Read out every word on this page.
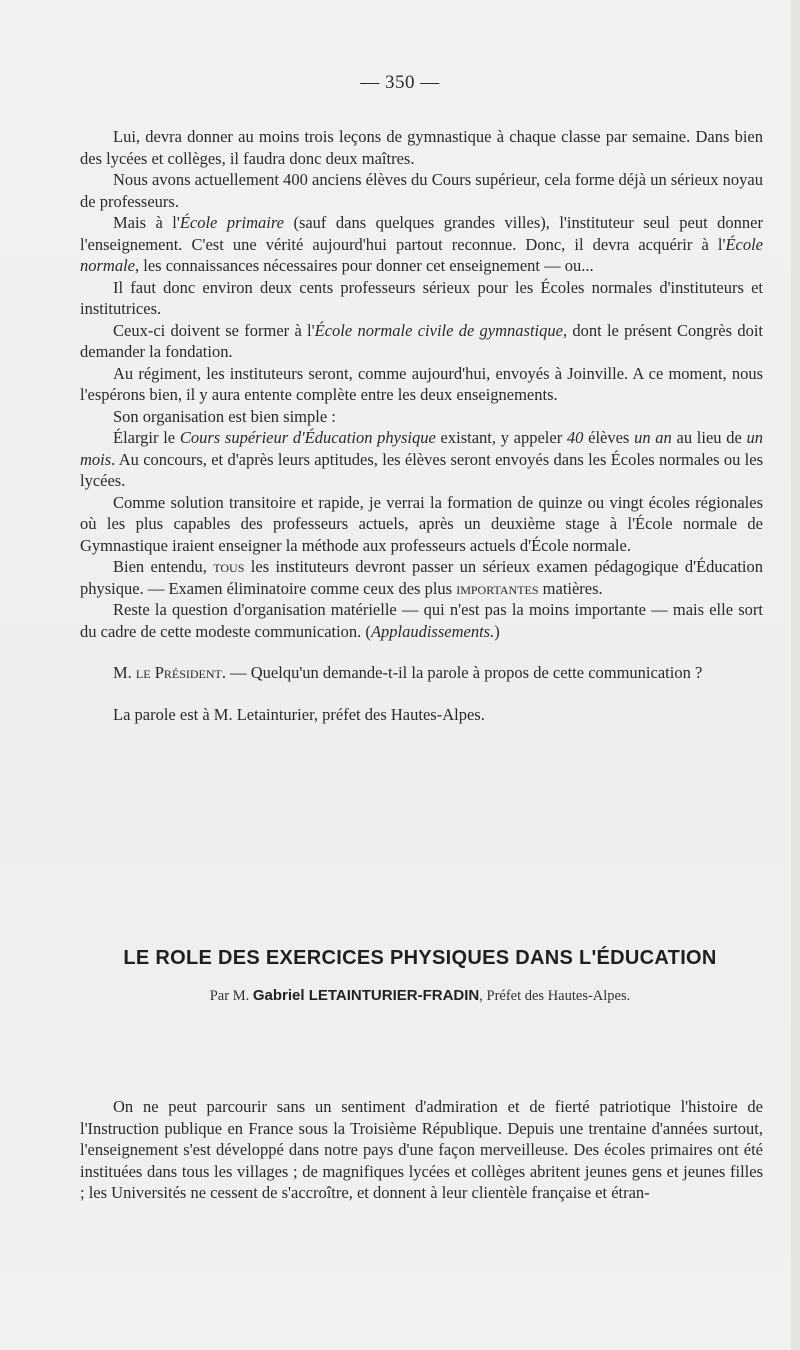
— 350 —

Lui, devra donner au moins trois leçons de gymnastique à chaque classe par semaine. Dans bien des lycées et collèges, il faudra donc deux maîtres.

Nous avons actuellement 400 anciens élèves du Cours supérieur, cela forme déjà un sérieux noyau de professeurs.

Mais à l'École primaire (sauf dans quelques grandes villes), l'instituteur seul peut donner l'enseignement. C'est une vérité aujourd'hui partout reconnue. Donc, il devra acquérir à l'École normale, les connaissances nécessaires pour donner cet enseignement — ou...

Il faut donc environ deux cents professeurs sérieux pour les Écoles normales d'instituteurs et institutrices.

Ceux-ci doivent se former à l'École normale civile de gymnastique, dont le présent Congrès doit demander la fondation.

Au régiment, les instituteurs seront, comme aujourd'hui, envoyés à Joinville. A ce moment, nous l'espérons bien, il y aura entente complète entre les deux enseignements.

Son organisation est bien simple :

Élargir le Cours supérieur d'Éducation physique existant, y appeler 40 élèves un an au lieu de un mois. Au concours, et d'après leurs aptitudes, les élèves seront envoyés dans les Écoles normales ou les lycées.

Comme solution transitoire et rapide, je verrai la formation de quinze ou vingt écoles régionales où les plus capables des professeurs actuels, après un deuxième stage à l'École normale de Gymnastique iraient enseigner la méthode aux professeurs actuels d'École normale.

Bien entendu, tous les instituteurs devront passer un sérieux examen pédagogique d'Éducation physique. — Examen éliminatoire comme ceux des plus importantes matières.

Reste la question d'organisation matérielle — qui n'est pas la moins importante — mais elle sort du cadre de cette modeste communication. (Applaudissements.)

M. le Président. — Quelqu'un demande-t-il la parole à propos de cette communication ?

La parole est à M. Letainturier, préfet des Hautes-Alpes.

LE ROLE DES EXERCICES PHYSIQUES DANS L'ÉDUCATION
Par M. Gabriel LETAINTURIER-FRADIN, Préfet des Hautes-Alpes.

On ne peut parcourir sans un sentiment d'admiration et de fierté patriotique l'histoire de l'Instruction publique en France sous la Troisième République. Depuis une trentaine d'années surtout, l'enseignement s'est développé dans notre pays d'une façon merveilleuse. Des écoles primaires ont été instituées dans tous les villages ; de magnifiques lycées et collèges abritent jeunes gens et jeunes filles ; les Universités ne cessent de s'accroître, et donnent à leur clientèle française et étran-
